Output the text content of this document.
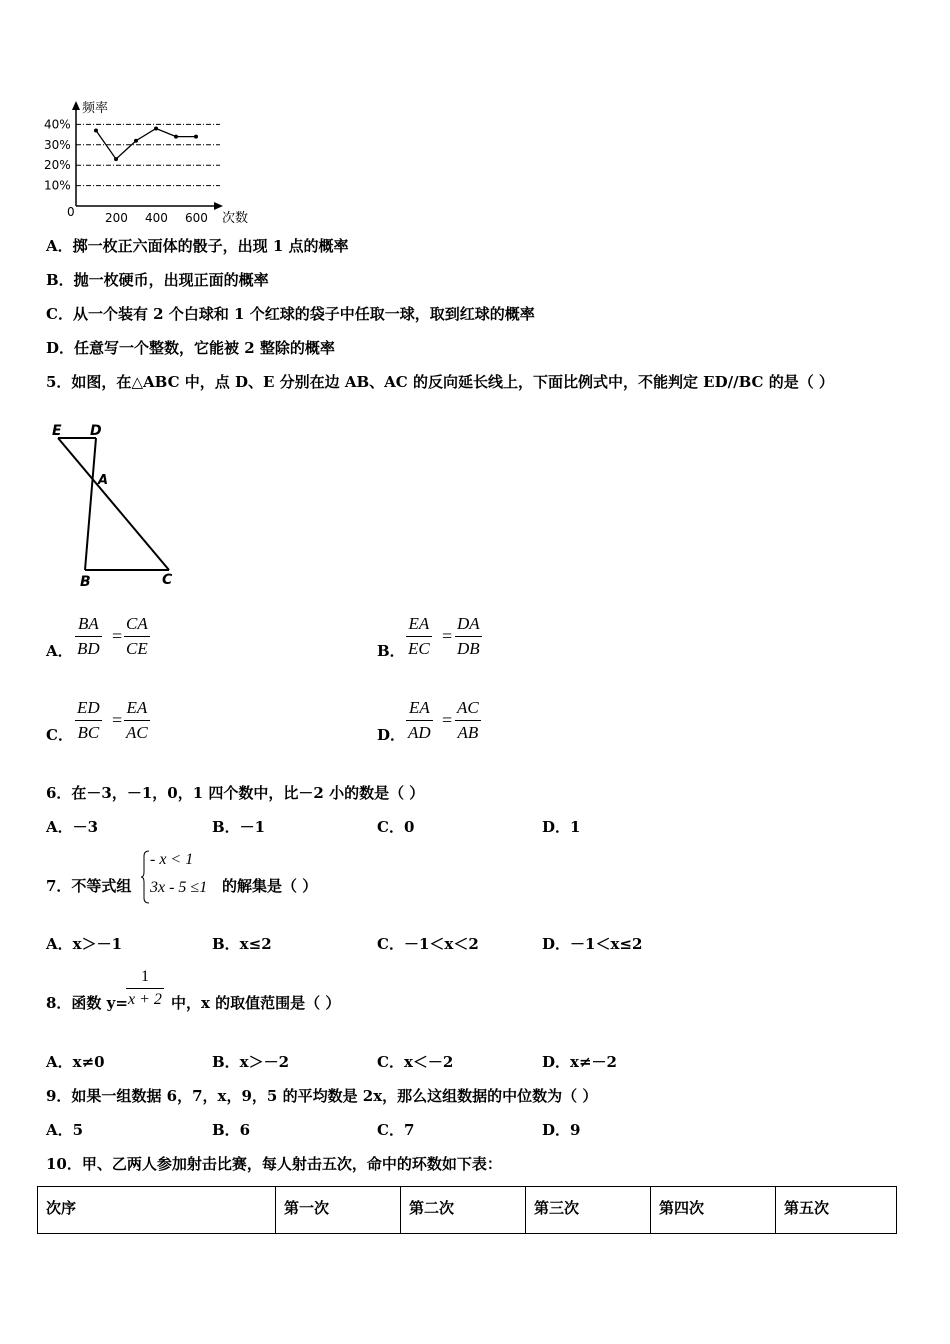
40%
30%
20%
10%
200 400 600
频率
次数
0
A．掷一枚正六面体的骰子，出现 1 点的概率
B．抛一枚硬币，出现正面的概率
C．从一个装有 2 个白球和 1 个红球的袋子中任取一球，取到红球的概率
D．任意写一个整数，它能被 2 整除的概率
5．如图，在△ABC 中，点 D、E 分别在边 AB、AC 的反向延长线上，下面比例式中，不能判定 ED//BC 的是（ ）
E D
A
B	C
A． $\frac{BA}{BD} = \frac{CA}{CE}$	B． $\frac{EA}{EC} = \frac{DA}{DB}$
C． $\frac{ED}{BC} = \frac{EA}{AC}$	D． $\frac{EA}{AD} = \frac{AC}{AB}$
6．在－3，－1，0，1 四个数中，比－2 小的数是（ ）
A．－3	B．－1	C．0	D．1
7．不等式组
- x < 1
3x - 5 ≤1 的解集是（ ）
A．x＞－1	B．x≤2	C．－1＜x＜2	D．－1＜x≤2
8．函数 y=
$\frac{1}{x + 2}$ 中，x 的取值范围是（ ）
A．x≠0	B．x＞－2	C．x＜－2	D．x≠－2
9．如果一组数据 6，7，x，9，5 的平均数是 2x，那么这组数据的中位数为（ ）
A．5	B．6	C．7	D．9
10．甲、乙两人参加射击比赛，每人射击五次，命中的环数如下表：
次序	第一次	第二次	第三次	第四次	第五次
